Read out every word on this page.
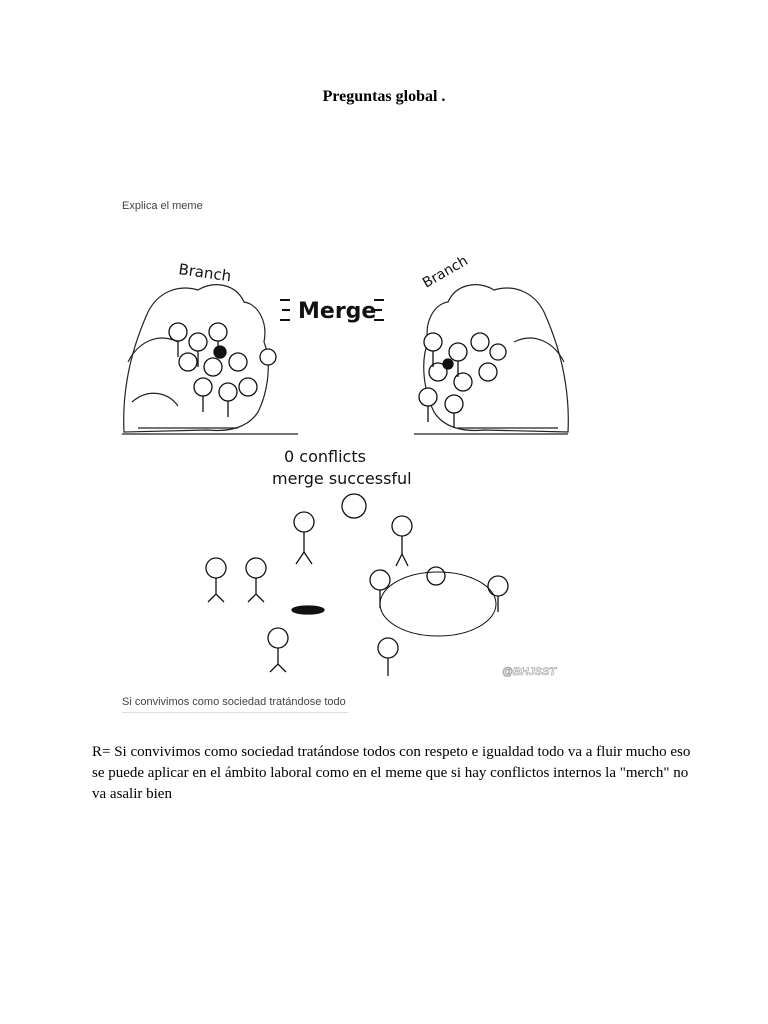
Preguntas global .
Explica el meme
Branch
Merge
Branch
0 conflicts
merge successful
@BHJSST
Si convivimos como sociedad tratándose todo
R= Si convivimos como sociedad tratándose todos con respeto e igualdad todo va a fluir mucho eso se puede aplicar en el ámbito laboral como en el meme que si hay conflictos internos la "merch" no va asalir bien
